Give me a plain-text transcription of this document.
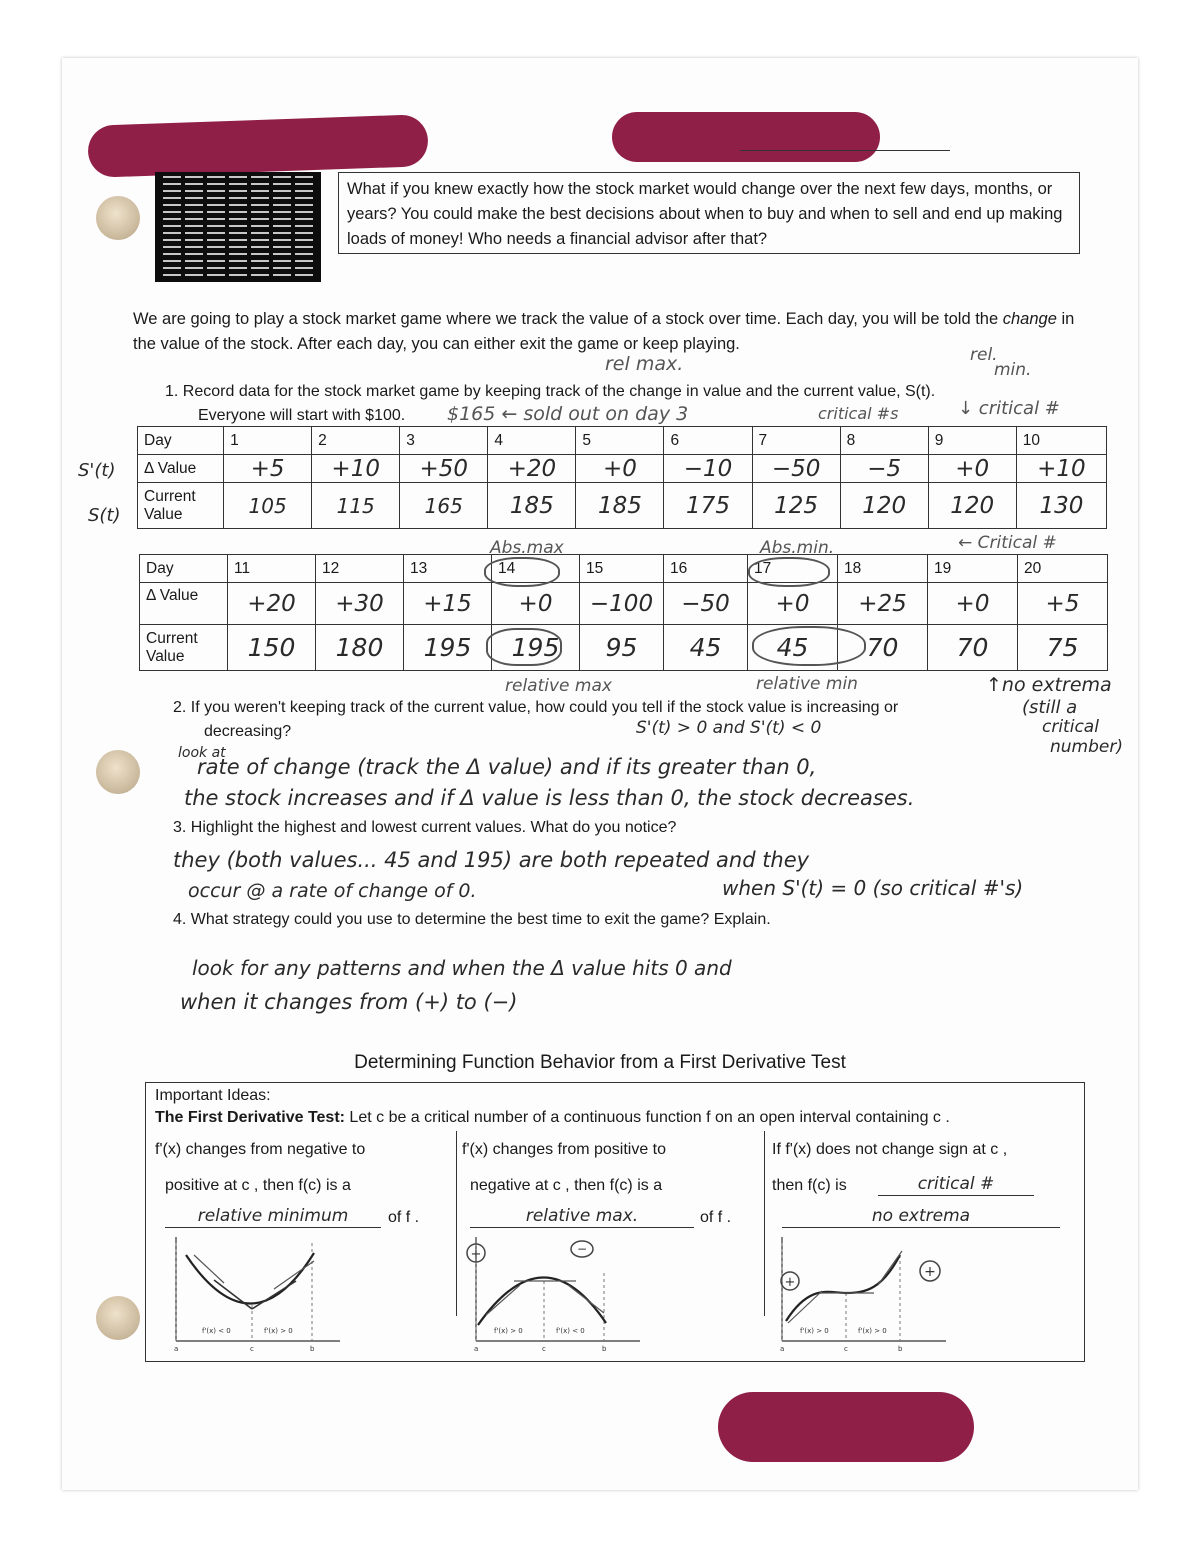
What if you knew exactly how the stock market would change over the next few days, months, or years? You could make the best decisions about when to buy and when to sell and end up making loads of money! Who needs a financial advisor after that?
We are going to play a stock market game where we track the value of a stock over time. Each day, you will be told the change in the value of the stock. After each day, you can either exit the game or keep playing.
1. Record data for the stock market game by keeping track of the change in value and the current value, S(t).
Everyone will start with $100.
rel max.	rel.
min.
$165 ← sold out on day 3	critical #s	↓ critical #
S'(t)
S(t)
Day	1	2	3	4	5	6	7	8	9	10
Δ Value	+5	+10	+50	+20	+0	−10	−50	−5	+0	+10
Current
Value	105	115	165	185	185	175	125	120	120	130
Abs.max	Abs.min.	← Critical #
Day	11	12	13	14	15	16	17	18	19	20
Δ Value	+20	+30	+15	+0	−100	−50	+0	+25	+0	+5
Current
Value	150	180	195	195	95	45	45	70	70	75
relative max	relative min	↑no extrema
(still a
critical
number)
2. If you weren't keeping track of the current value, how could you tell if the stock value is increasing or
decreasing?	S'(t) > 0 and S'(t) < 0
look at
rate of change (track the Δ value) and if its greater than 0,
the stock increases and if Δ value is less than 0, the stock decreases.
3. Highlight the highest and lowest current values. What do you notice?
they (both values... 45 and 195) are both repeated and they
occur @ a rate of change of 0.	when S'(t) = 0 (so critical #'s)
4. What strategy could you use to determine the best time to exit the game? Explain.
look for any patterns and when the Δ value hits 0 and
when it changes from (+) to (−)
Determining Function Behavior from a First Derivative Test
Important Ideas:
The First Derivative Test: Let c be a critical number of a continuous function f on an open interval containing c .
f'(x) changes from negative to
positive at c , then f(c) is a
relative minimum	of f .
f'(x) changes from positive to
negative at c , then f(c) is a
relative max.	of f .
If f'(x) does not change sign at c ,
then f(c) is	critical #
no extrema
f'(x) < 0	f'(x) > 0
a	c	b
+	−
f'(x) > 0	f'(x) < 0
a	c	b
+
+
f'(x) > 0	f'(x) > 0
a	c	b
